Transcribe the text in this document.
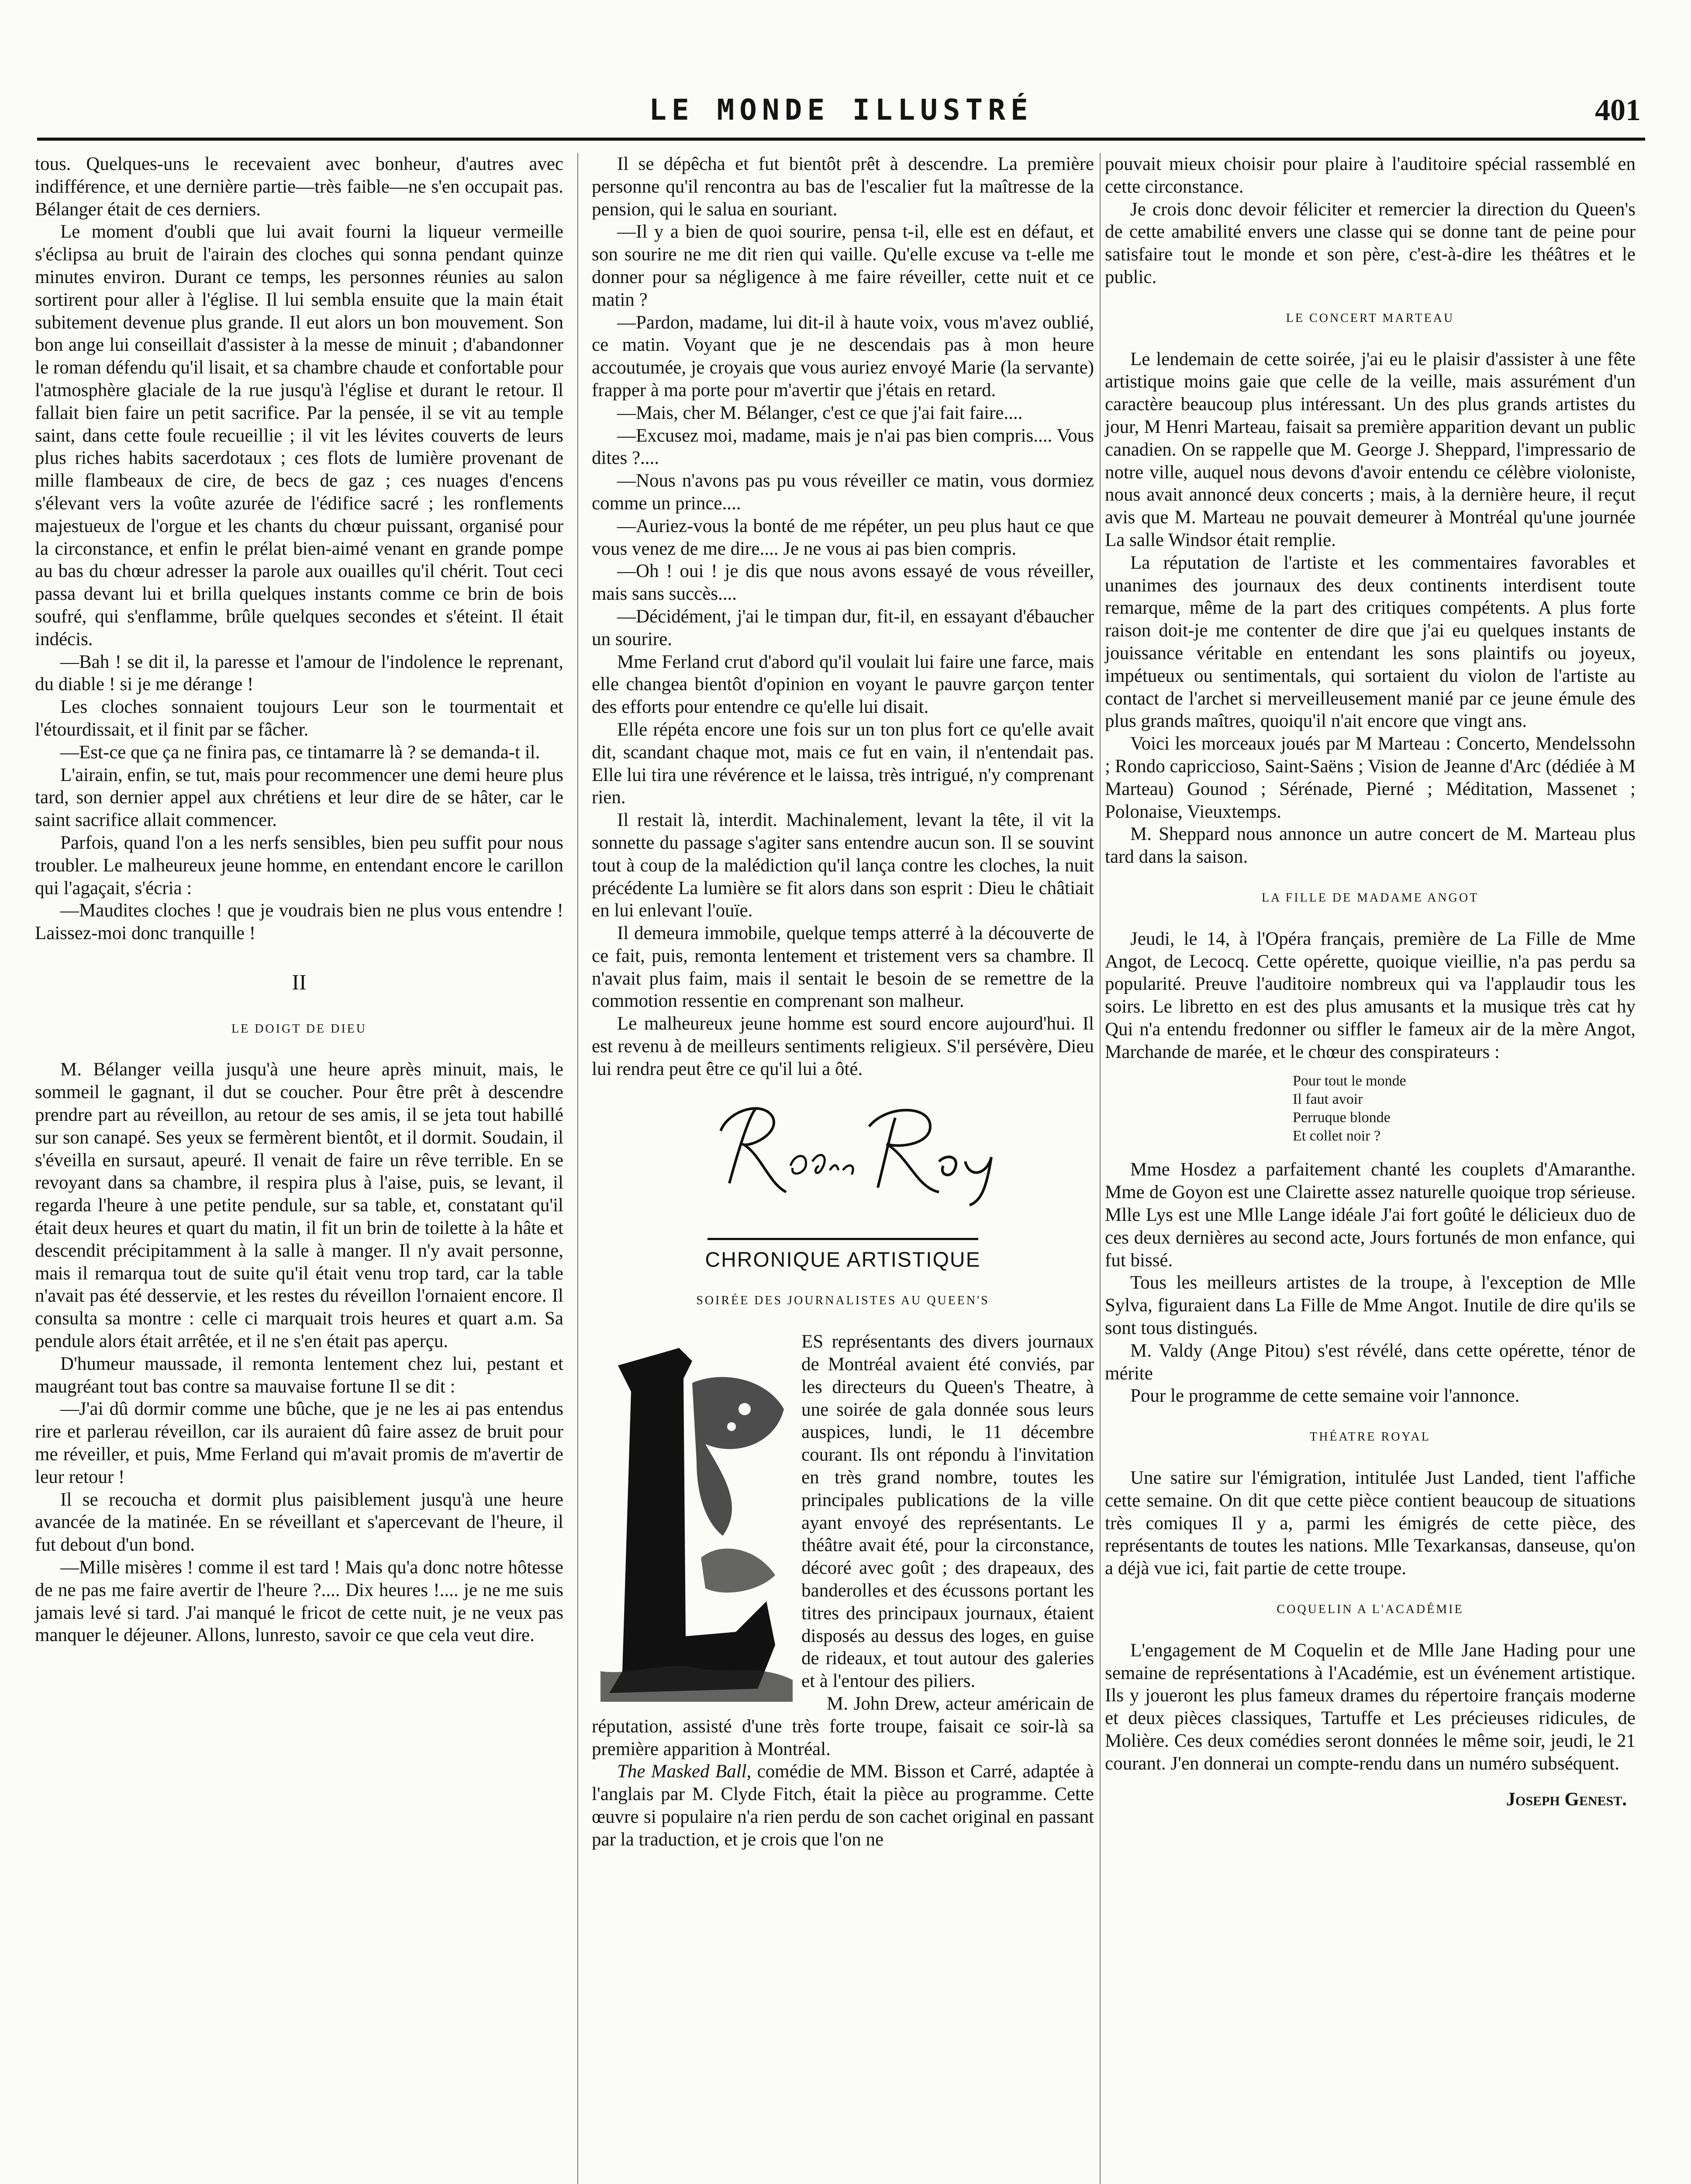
LE MONDE ILLUSTRÉ	401

tous. Quelques-uns le recevaient avec bonheur, d'autres avec indifférence, et une dernière partie—très faible—ne s'en occupait pas. Bélanger était de ces derniers.

Le moment d'oubli que lui avait fourni la liqueur vermeille s'éclipsa au bruit de l'airain des cloches qui sonna pendant quinze minutes environ. Durant ce temps, les personnes réunies au salon sortirent pour aller à l'église. Il lui sembla ensuite que la main était subitement devenue plus grande. Il eut alors un bon mouvement. Son bon ange lui conseillait d'assister à la messe de minuit ; d'abandonner le roman défendu qu'il lisait, et sa chambre chaude et confortable pour l'atmosphère glaciale de la rue jusqu'à l'église et durant le retour. Il fallait bien faire un petit sacrifice. Par la pensée, il se vit au temple saint, dans cette foule recueillie ; il vit les lévites couverts de leurs plus riches habits sacerdotaux ; ces flots de lumière provenant de mille flambeaux de cire, de becs de gaz ; ces nuages d'encens s'élevant vers la voûte azurée de l'édifice sacré ; les ronflements majestueux de l'orgue et les chants du chœur puissant, organisé pour la circonstance, et enfin le prélat bien-aimé venant en grande pompe au bas du chœur adresser la parole aux ouailles qu'il chérit. Tout ceci passa devant lui et brilla quelques instants comme ce brin de bois soufré, qui s'enflamme, brûle quelques secondes et s'éteint. Il était indécis.

—Bah ! se dit il, la paresse et l'amour de l'indolence le reprenant, du diable ! si je me dérange !

Les cloches sonnaient toujours Leur son le tourmentait et l'étourdissait, et il finit par se fâcher.

—Est-ce que ça ne finira pas, ce tintamarre là ? se demanda-t il.

L'airain, enfin, se tut, mais pour recommencer une demi heure plus tard, son dernier appel aux chrétiens et leur dire de se hâter, car le saint sacrifice allait commencer.

Parfois, quand l'on a les nerfs sensibles, bien peu suffit pour nous troubler. Le malheureux jeune homme, en entendant encore le carillon qui l'agaçait, s'écria :

—Maudites cloches ! que je voudrais bien ne plus vous entendre ! Laissez-moi donc tranquille !

II
LE DOIGT DE DIEU

M. Bélanger veilla jusqu'à une heure après minuit, mais, le sommeil le gagnant, il dut se coucher. Pour être prêt à descendre prendre part au réveillon, au retour de ses amis, il se jeta tout habillé sur son canapé. Ses yeux se fermèrent bientôt, et il dormit. Soudain, il s'éveilla en sursaut, apeuré. Il venait de faire un rêve terrible. En se revoyant dans sa chambre, il respira plus à l'aise, puis, se levant, il regarda l'heure à une petite pendule, sur sa table, et, constatant qu'il était deux heures et quart du matin, il fit un brin de toilette à la hâte et descendit précipitamment à la salle à manger. Il n'y avait personne, mais il remarqua tout de suite qu'il était venu trop tard, car la table n'avait pas été desservie, et les restes du réveillon l'ornaient encore. Il consulta sa montre : celle ci marquait trois heures et quart a.m. Sa pendule alors était arrêtée, et il ne s'en était pas aperçu.

D'humeur maussade, il remonta lentement chez lui, pestant et maugréant tout bas contre sa mauvaise fortune Il se dit :

—J'ai dû dormir comme une bûche, que je ne les ai pas entendus rire et parlerau réveillon, car ils auraient dû faire assez de bruit pour me réveiller, et puis, Mme Ferland qui m'avait promis de m'avertir de leur retour !

Il se recoucha et dormit plus paisiblement jusqu'à une heure avancée de la matinée. En se réveillant et s'apercevant de l'heure, il fut debout d'un bond.

—Mille misères ! comme il est tard ! Mais qu'a donc notre hôtesse de ne pas me faire avertir de l'heure ?.... Dix heures !.... je ne me suis jamais levé si tard. J'ai manqué le fricot de cette nuit, je ne veux pas manquer le déjeuner. Allons, lunresto, savoir ce que cela veut dire.

Il se dépêcha et fut bientôt prêt à descendre. La première personne qu'il rencontra au bas de l'escalier fut la maîtresse de la pension, qui le salua en souriant.

—Il y a bien de quoi sourire, pensa t-il, elle est en défaut, et son sourire ne me dit rien qui vaille. Qu'elle excuse va t-elle me donner pour sa négligence à me faire réveiller, cette nuit et ce matin ?

—Pardon, madame, lui dit-il à haute voix, vous m'avez oublié, ce matin. Voyant que je ne descendais pas à mon heure accoutumée, je croyais que vous auriez envoyé Marie (la servante) frapper à ma porte pour m'avertir que j'étais en retard.

—Mais, cher M. Bélanger, c'est ce que j'ai fait faire....

—Excusez moi, madame, mais je n'ai pas bien compris.... Vous dites ?....

—Nous n'avons pas pu vous réveiller ce matin, vous dormiez comme un prince....

—Auriez-vous la bonté de me répéter, un peu plus haut ce que vous venez de me dire.... Je ne vous ai pas bien compris.

—Oh ! oui ! je dis que nous avons essayé de vous réveiller, mais sans succès....

—Décidément, j'ai le timpan dur, fit-il, en essayant d'ébaucher un sourire.

Mme Ferland crut d'abord qu'il voulait lui faire une farce, mais elle changea bientôt d'opinion en voyant le pauvre garçon tenter des efforts pour entendre ce qu'elle lui disait.

Elle répéta encore une fois sur un ton plus fort ce qu'elle avait dit, scandant chaque mot, mais ce fut en vain, il n'entendait pas. Elle lui tira une révérence et le laissa, très intrigué, n'y comprenant rien.

Il restait là, interdit. Machinalement, levant la tête, il vit la sonnette du passage s'agiter sans entendre aucun son. Il se souvint tout à coup de la malédiction qu'il lança contre les cloches, la nuit précédente La lumière se fit alors dans son esprit : Dieu le châtiait en lui enlevant l'ouïe.

Il demeura immobile, quelque temps atterré à la découverte de ce fait, puis, remonta lentement et tristement vers sa chambre. Il n'avait plus faim, mais il sentait le besoin de se remettre de la commotion ressentie en comprenant son malheur.

Le malheureux jeune homme est sourd encore aujourd'hui. Il est revenu à de meilleurs sentiments religieux. S'il persévère, Dieu lui rendra peut être ce qu'il lui a ôté.

CHRONIQUE ARTISTIQUE
SOIRÉE DES JOURNALISTES AU QUEEN'S

ES représentants des divers journaux de Montréal avaient été conviés, par les directeurs du Queen's Theatre, à une soirée de gala donnée sous leurs auspices, lundi, le 11 décembre courant. Ils ont répondu à l'invitation en très grand nombre, toutes les principales publications de la ville ayant envoyé des représentants. Le théâtre avait été, pour la circonstance, décoré avec goût ; des drapeaux, des banderolles et des écussons portant les titres des principaux journaux, étaient disposés au dessus des loges, en guise de rideaux, et tout autour des galeries et à l'entour des piliers.

M. John Drew, acteur américain de réputation, assisté d'une très forte troupe, faisait ce soir-là sa première apparition à Montréal.

The Masked Ball, comédie de MM. Bisson et Carré, adaptée à l'anglais par M. Clyde Fitch, était la pièce au programme. Cette œuvre si populaire n'a rien perdu de son cachet original en passant par la traduction, et je crois que l'on ne

pouvait mieux choisir pour plaire à l'auditoire spécial rassemblé en cette circonstance.

Je crois donc devoir féliciter et remercier la direction du Queen's de cette amabilité envers une classe qui se donne tant de peine pour satisfaire tout le monde et son père, c'est-à-dire les théâtres et le public.

LE CONCERT MARTEAU

Le lendemain de cette soirée, j'ai eu le plaisir d'assister à une fête artistique moins gaie que celle de la veille, mais assurément d'un caractère beaucoup plus intéressant. Un des plus grands artistes du jour, M Henri Marteau, faisait sa première apparition devant un public canadien. On se rappelle que M. George J. Sheppard, l'impressario de notre ville, auquel nous devons d'avoir entendu ce célèbre violoniste, nous avait annoncé deux concerts ; mais, à la dernière heure, il reçut avis que M. Marteau ne pouvait demeurer à Montréal qu'une journée La salle Windsor était remplie.

La réputation de l'artiste et les commentaires favorables et unanimes des journaux des deux continents interdisent toute remarque, même de la part des critiques compétents. A plus forte raison doit-je me contenter de dire que j'ai eu quelques instants de jouissance véritable en entendant les sons plaintifs ou joyeux, impétueux ou sentimentals, qui sortaient du violon de l'artiste au contact de l'archet si merveilleusement manié par ce jeune émule des plus grands maîtres, quoiqu'il n'ait encore que vingt ans.

Voici les morceaux joués par M Marteau : Concerto, Mendelssohn ; Rondo capriccioso, Saint-Saëns ; Vision de Jeanne d'Arc (dédiée à M Marteau) Gounod ; Sérénade, Pierné ; Méditation, Massenet ; Polonaise, Vieuxtemps.

M. Sheppard nous annonce un autre concert de M. Marteau plus tard dans la saison.

LA FILLE DE MADAME ANGOT

Jeudi, le 14, à l'Opéra français, première de La Fille de Mme Angot, de Lecocq. Cette opérette, quoique vieillie, n'a pas perdu sa popularité. Preuve l'auditoire nombreux qui va l'applaudir tous les soirs. Le libretto en est des plus amusants et la musique très cat hy Qui n'a entendu fredonner ou siffler le fameux air de la mère Angot, Marchande de marée, et le chœur des conspirateurs :

Pour tout le monde
Il faut avoir
Perruque blonde
Et collet noir ?

Mme Hosdez a parfaitement chanté les couplets d'Amaranthe. Mme de Goyon est une Clairette assez naturelle quoique trop sérieuse. Mlle Lys est une Mlle Lange idéale J'ai fort goûté le délicieux duo de ces deux dernières au second acte, Jours fortunés de mon enfance, qui fut bissé.

Tous les meilleurs artistes de la troupe, à l'exception de Mlle Sylva, figuraient dans La Fille de Mme Angot. Inutile de dire qu'ils se sont tous distingués.

M. Valdy (Ange Pitou) s'est révélé, dans cette opérette, ténor de mérite

Pour le programme de cette semaine voir l'annonce.

THÉATRE ROYAL

Une satire sur l'émigration, intitulée Just Landed, tient l'affiche cette semaine. On dit que cette pièce contient beaucoup de situations très comiques Il y a, parmi les émigrés de cette pièce, des représentants de toutes les nations. Mlle Texarkansas, danseuse, qu'on a déjà vue ici, fait partie de cette troupe.

COQUELIN A L'ACADÉMIE

L'engagement de M Coquelin et de Mlle Jane Hading pour une semaine de représentations à l'Académie, est un événement artistique. Ils y joueront les plus fameux drames du répertoire français moderne et deux pièces classiques, Tartuffe et Les précieuses ridicules, de Molière. Ces deux comédies seront données le même soir, jeudi, le 21 courant. J'en donnerai un compte-rendu dans un numéro subséquent.

Joseph Genest.
